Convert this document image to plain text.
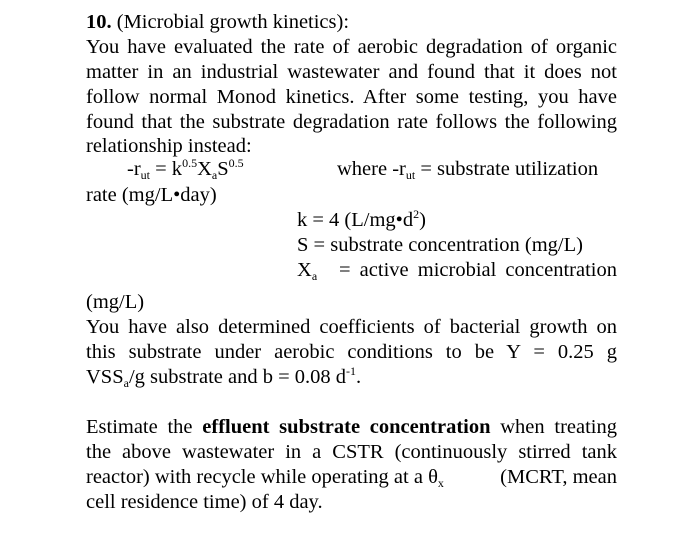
10. (Microbial growth kinetics):
You have evaluated the rate of aerobic degradation of organic
matter in an industrial wastewater and found that it does not
follow normal Monod kinetics. After some testing, you have
found that the substrate degradation rate follows the following
relationship instead:
$-r_{ut} = k^{0.5}X_aS^{0.5}$	where $-r_{ut}$ = substrate utilization
rate (mg/L•day)
k = 4 $(L/mg•d^2)$
S = substrate concentration (mg/L)
$X_a$ = active microbial concentration
(mg/L)
You have also determined coefficients of bacterial growth on
this substrate under aerobic conditions to be Y = 0.25 g
$VSS_a/g$ substrate and b = 0.08 $d^{-1}$.
Estimate the effluent substrate concentration when treating
the above wastewater in a CSTR (continuously stirred tank
reactor) with recycle while operating at a $\theta_x$	(MCRT, mean
cell residence time) of 4 day.
